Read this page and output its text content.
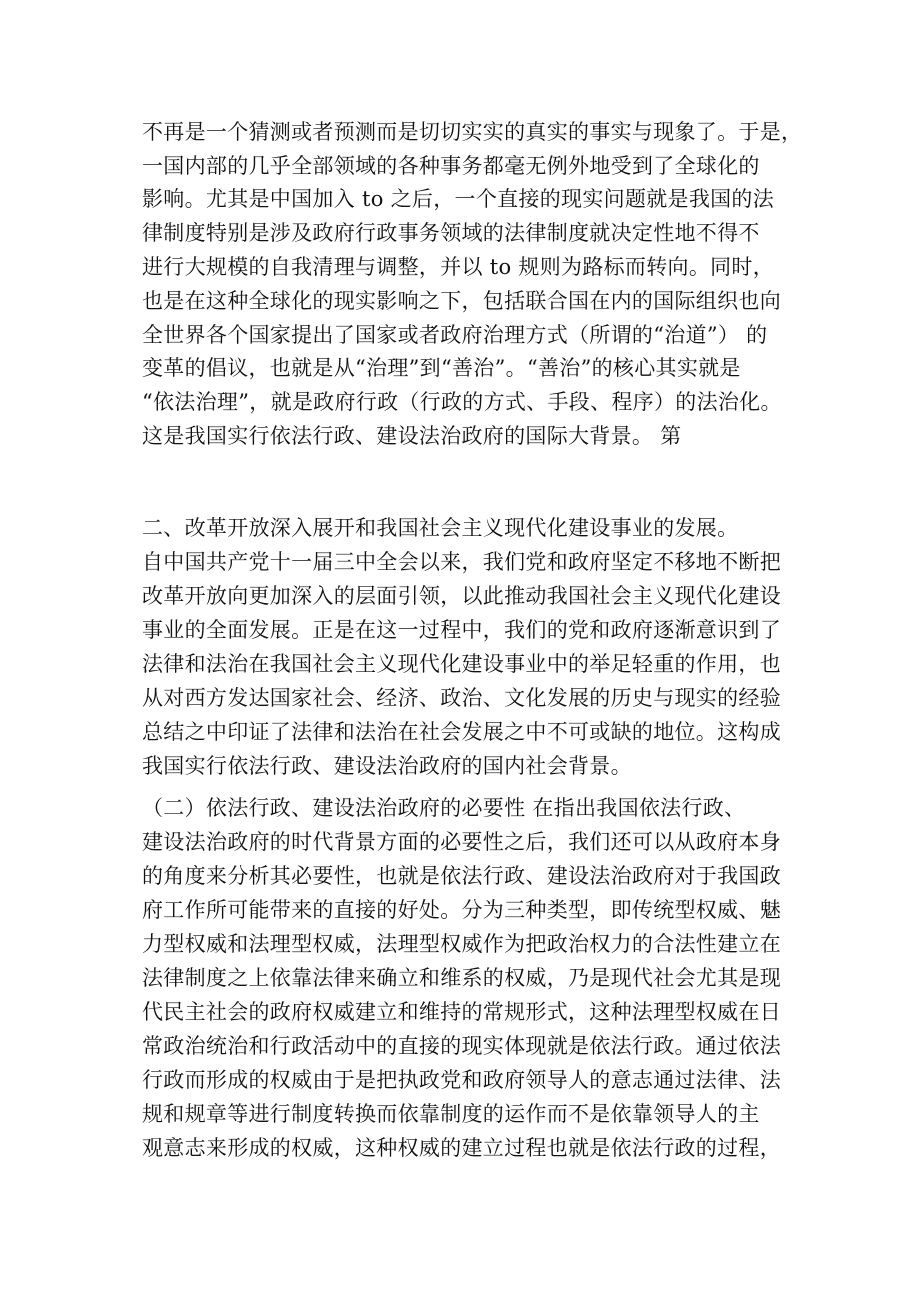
不再是一个猜测或者预测而是切切实实的真实的事实与现象了。于是，
一国内部的几乎全部领域的各种事务都毫无例外地受到了全球化的
影响。尤其是中国加入 to 之后，一个直接的现实问题就是我国的法
律制度特别是涉及政府行政事务领域的法律制度就决定性地不得不
进行大规模的自我清理与调整，并以 to 规则为路标而转向。同时，
也是在这种全球化的现实影响之下，包括联合国在内的国际组织也向
全世界各个国家提出了国家或者政府治理方式（所谓的“治道”） 的
变革的倡议，也就是从“治理”到“善治”。“善治”的核心其实就是
“依法治理”，就是政府行政（行政的方式、手段、程序）的法治化。
这是我国实行依法行政、建设法治政府的国际大背景。 第
二、改革开放深入展开和我国社会主义现代化建设事业的发展。
自中国共产党十一届三中全会以来，我们党和政府坚定不移地不断把
改革开放向更加深入的层面引领，以此推动我国社会主义现代化建设
事业的全面发展。正是在这一过程中，我们的党和政府逐渐意识到了
法律和法治在我国社会主义现代化建设事业中的举足轻重的作用，也
从对西方发达国家社会、经济、政治、文化发展的历史与现实的经验
总结之中印证了法律和法治在社会发展之中不可或缺的地位。这构成
我国实行依法行政、建设法治政府的国内社会背景。
（二）依法行政、建设法治政府的必要性 在指出我国依法行政、
建设法治政府的时代背景方面的必要性之后，我们还可以从政府本身
的角度来分析其必要性，也就是依法行政、建设法治政府对于我国政
府工作所可能带来的直接的好处。分为三种类型，即传统型权威、魅
力型权威和法理型权威，法理型权威作为把政治权力的合法性建立在
法律制度之上依靠法律来确立和维系的权威，乃是现代社会尤其是现
代民主社会的政府权威建立和维持的常规形式，这种法理型权威在日
常政治统治和行政活动中的直接的现实体现就是依法行政。通过依法
行政而形成的权威由于是把执政党和政府领导人的意志通过法律、法
规和规章等进行制度转换而依靠制度的运作而不是依靠领导人的主
观意志来形成的权威，这种权威的建立过程也就是依法行政的过程，
